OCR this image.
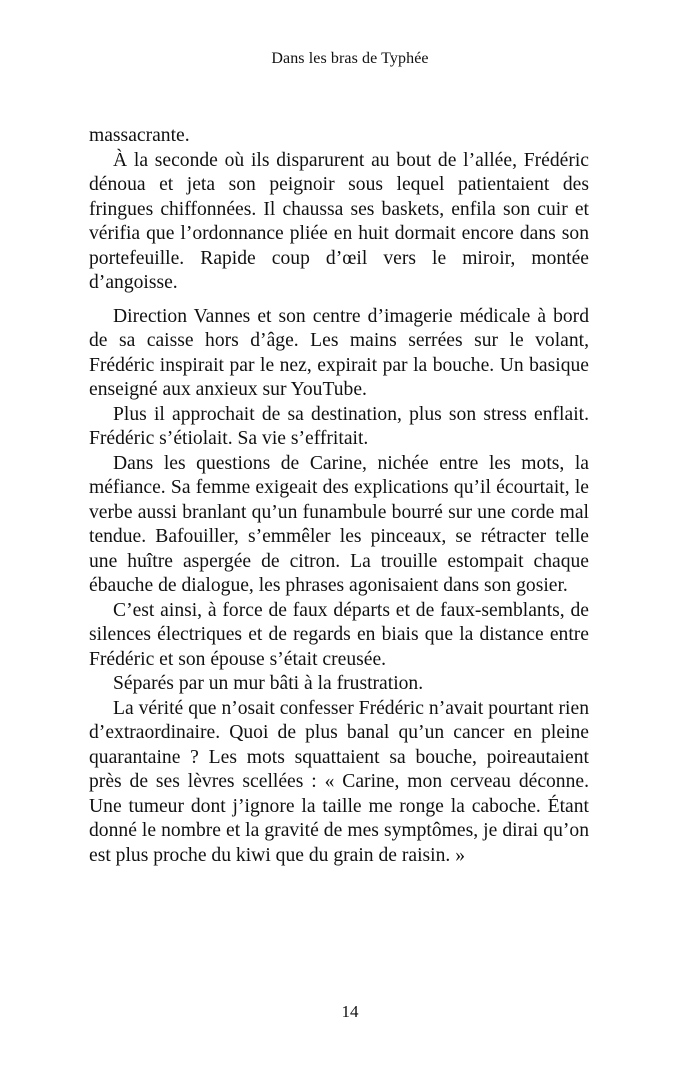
Dans les bras de Typhée

massacrante.

À la seconde où ils disparurent au bout de l’allée, Frédéric dénoua et jeta son peignoir sous lequel patientaient des fringues chiffonnées. Il chaussa ses baskets, enfila son cuir et vérifia que l’ordonnance pliée en huit dormait encore dans son portefeuille. Rapide coup d’œil vers le miroir, montée d’angoisse.

Direction Vannes et son centre d’imagerie médicale à bord de sa caisse hors d’âge. Les mains serrées sur le volant, Frédéric inspirait par le nez, expirait par la bouche. Un basique enseigné aux anxieux sur YouTube.

Plus il approchait de sa destination, plus son stress enflait. Frédéric s’étiolait. Sa vie s’effritait.

Dans les questions de Carine, nichée entre les mots, la méfiance. Sa femme exigeait des explications qu’il écourtait, le verbe aussi branlant qu’un funambule bourré sur une corde mal tendue. Bafouiller, s’emmêler les pinceaux, se rétracter telle une huître aspergée de citron. La trouille estompait chaque ébauche de dialogue, les phrases agonisaient dans son gosier.

C’est ainsi, à force de faux départs et de faux-semblants, de silences électriques et de regards en biais que la distance entre Frédéric et son épouse s’était creusée.

Séparés par un mur bâti à la frustration.

La vérité que n’osait confesser Frédéric n’avait pourtant rien d’extraordinaire. Quoi de plus banal qu’un cancer en pleine quarantaine ? Les mots squattaient sa bouche, poireautaient près de ses lèvres scellées : « Carine, mon cerveau déconne. Une tumeur dont j’ignore la taille me ronge la caboche. Étant donné le nombre et la gravité de mes symptômes, je dirai qu’on est plus proche du kiwi que du grain de raisin. »

14
